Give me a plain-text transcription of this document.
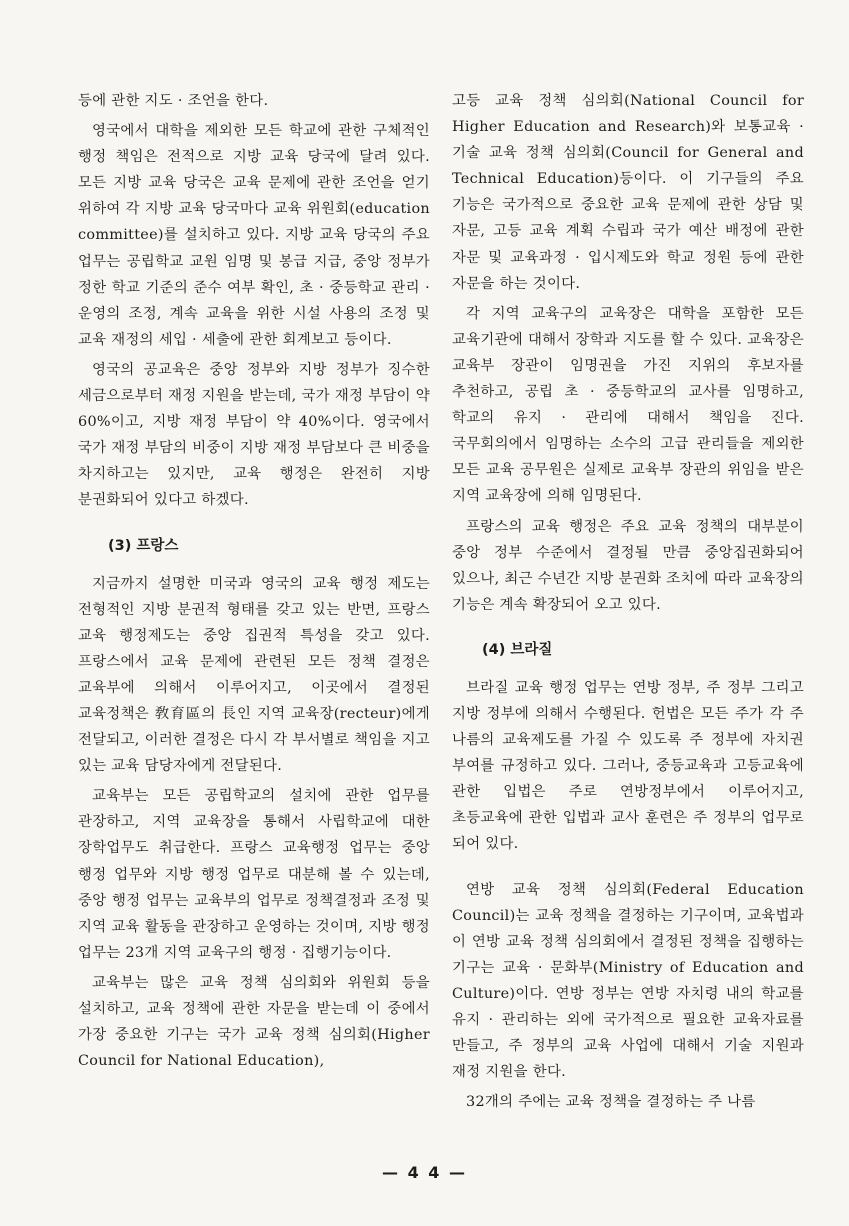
등에 관한 지도 · 조언을 한다.

영국에서 대학을 제외한 모든 학교에 관한 구체적인 행정 책임은 전적으로 지방 교육 당국에 달려 있다. 모든 지방 교육 당국은 교육 문제에 관한 조언을 얻기 위하여 각 지방 교육 당국마다 교육 위원회(education committee)를 설치하고 있다. 지방 교육 당국의 주요 업무는 공립학교 교원 임명 및 봉급 지급, 중앙 정부가 정한 학교 기준의 준수 여부 확인, 초 · 중등학교 관리 · 운영의 조정, 계속 교육을 위한 시설 사용의 조정 및 교육 재정의 세입 · 세출에 관한 회계보고 등이다.

영국의 공교육은 중앙 정부와 지방 정부가 징수한 세금으로부터 재정 지원을 받는데, 국가 재정 부담이 약 60%이고, 지방 재정 부담이 약 40%이다. 영국에서 국가 재정 부담의 비중이 지방 재정 부담보다 큰 비중을 차지하고는 있지만, 교육 행정은 완전히 지방 분권화되어 있다고 하겠다.

(3) 프랑스

지금까지 설명한 미국과 영국의 교육 행정 제도는 전형적인 지방 분권적 형태를 갖고 있는 반면, 프랑스 교육 행정제도는 중앙 집권적 특성을 갖고 있다. 프랑스에서 교육 문제에 관련된 모든 정책 결정은 교육부에 의해서 이루어지고, 이곳에서 결정된 교육정책은 敎育區의 長인 지역 교육장(recteur)에게 전달되고, 이러한 결정은 다시 각 부서별로 책임을 지고 있는 교육 담당자에게 전달된다.

교육부는 모든 공립학교의 설치에 관한 업무를 관장하고, 지역 교육장을 통해서 사립학교에 대한 장학업무도 취급한다. 프랑스 교육행정 업무는 중앙 행정 업무와 지방 행정 업무로 대분해 볼 수 있는데, 중앙 행정 업무는 교육부의 업무로 정책결정과 조정 및 지역 교육 활동을 관장하고 운영하는 것이며, 지방 행정 업무는 23개 지역 교육구의 행정 · 집행기능이다.

교육부는 많은 교육 정책 심의회와 위원회 등을 설치하고, 교육 정책에 관한 자문을 받는데 이 중에서 가장 중요한 기구는 국가 교육 정책 심의회(Higher Council for National Education),

고등 교육 정책 심의회(National Council for Higher Education and Research)와 보통교육 · 기술 교육 정책 심의회(Council for General and Technical Education)등이다. 이 기구들의 주요 기능은 국가적으로 중요한 교육 문제에 관한 상담 및 자문, 고등 교육 계획 수립과 국가 예산 배정에 관한 자문 및 교육과정 · 입시제도와 학교 정원 등에 관한 자문을 하는 것이다.

각 지역 교육구의 교육장은 대학을 포함한 모든 교육기관에 대해서 장학과 지도를 할 수 있다. 교육장은 교육부 장관이 임명권을 가진 지위의 후보자를 추천하고, 공립 초 · 중등학교의 교사를 임명하고, 학교의 유지 · 관리에 대해서 책임을 진다. 국무회의에서 임명하는 소수의 고급 관리들을 제외한 모든 교육 공무원은 실제로 교육부 장관의 위임을 받은 지역 교육장에 의해 임명된다.

프랑스의 교육 행정은 주요 교육 정책의 대부분이 중앙 정부 수준에서 결정될 만큼 중앙집권화되어 있으나, 최근 수년간 지방 분권화 조치에 따라 교육장의 기능은 계속 확장되어 오고 있다.

(4) 브라질

브라질 교육 행정 업무는 연방 정부, 주 정부 그리고 지방 정부에 의해서 수행된다. 헌법은 모든 주가 각 주 나름의 교육제도를 가질 수 있도록 주 정부에 자치권 부여를 규정하고 있다. 그러나, 중등교육과 고등교육에 관한 입법은 주로 연방정부에서 이루어지고, 초등교육에 관한 입법과 교사 훈련은 주 정부의 업무로 되어 있다.

연방 교육 정책 심의회(Federal Education Council)는 교육 정책을 결정하는 기구이며, 교육법과 이 연방 교육 정책 심의회에서 결정된 정책을 집행하는 기구는 교육 · 문화부(Ministry of Education and Culture)이다. 연방 정부는 연방 자치령 내의 학교를 유지 · 관리하는 외에 국가적으로 필요한 교육자료를 만들고, 주 정부의 교육 사업에 대해서 기술 지원과 재정 지원을 한다.

32개의 주에는 교육 정책을 결정하는 주 나름

— 4 4 —
